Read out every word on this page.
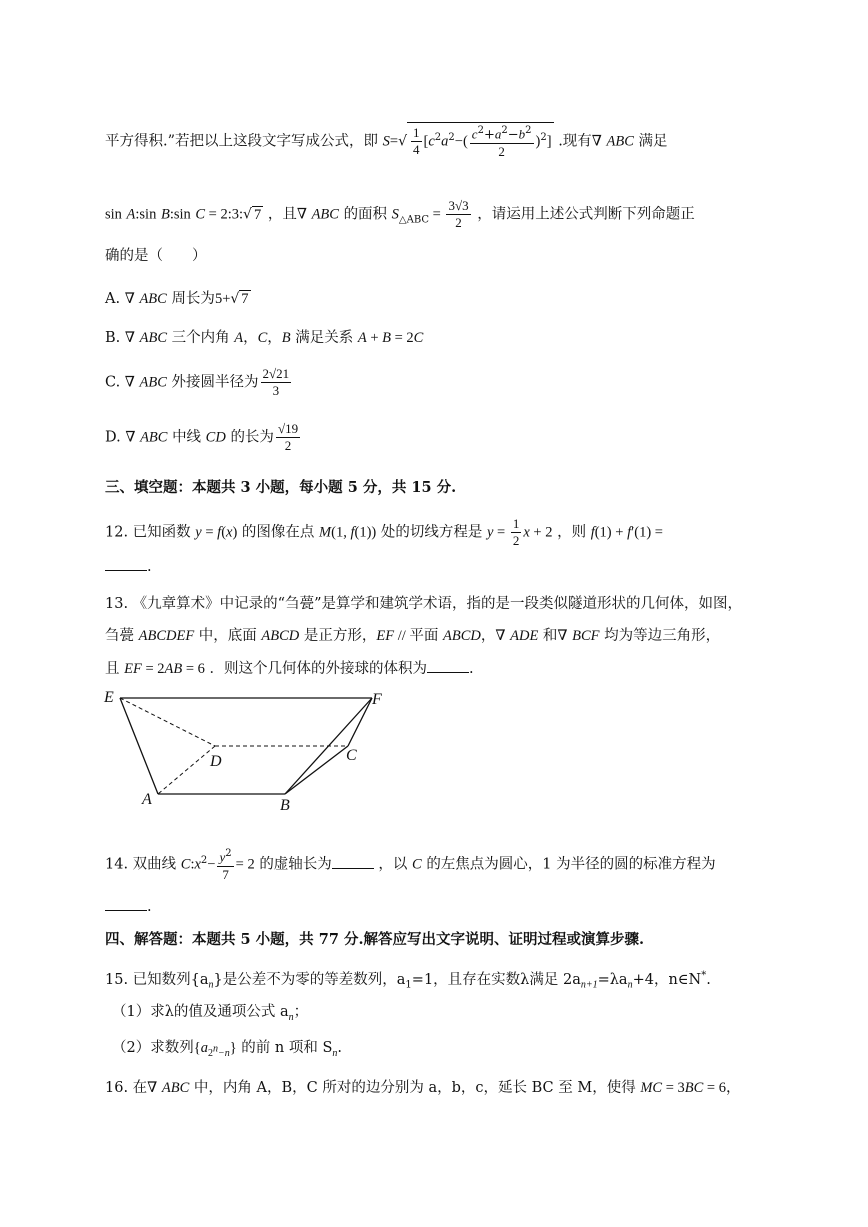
平方得积.”若把以上这段文字写成公式，即 $S=√ \frac{1}{4} [c^2a^2-( \frac{c^2+a^2-b^2}{2} )^2]$ .现有∇ ABC 满足
sin A:sin B:sin C = 2:3:√ 7 ，且∇ ABC 的面积 $S_{\triangle ABC} = \frac{3√3}{2}$ ，请运用上述公式判断下列命题正
确的是（　　）
A. ∇ ABC 周长为5+√ 7
B. ∇ ABC 三个内角 A，C，B 满足关系 A + B = 2C
C. ∇ ABC 外接圆半径为 $\frac{2√21}{3}$
D. ∇ ABC 中线 CD 的长为 $\frac{√19}{2}$
三、填空题：本题共 3 小题，每小题 5 分，共 15 分.
12. 已知函数 y = f(x) 的图像在点 M(1, f(1)) 处的切线方程是 $y = \frac{1}{2}$ x + 2 ，则 f(1) + f′(1) =
.
13. 《九章算术》中记录的“刍甍”是算学和建筑学术语，指的是一段类似隧道形状的几何体，如图，
刍甍 ABCDEF 中，底面 ABCD 是正方形，EF // 平面 ABCD，∇ ADE 和∇ BCF 均为等边三角形，
且 EF = 2AB = 6 ．则这个几何体的外接球的体积为	.
E	F
D	C
A	B
14. 双曲线 $C:x^2- \frac{y^2}{7} = 2$ 的虚轴长为	，以 C 的左焦点为圆心，1 为半径的圆的标准方程为
.
四、解答题：本题共 5 小题，共 77 分.解答应写出文字说明、证明过程或演算步骤.
15. 已知数列$\{a_n\}$是公差不为零的等差数列，$a_1=1$，且存在实数λ满足 $2a_{n+1}=\lambda a_n+4$，n∈N*.
（1）求λ的值及通项公式 $a_n$；
（2）求数列$\{a_{2^n-n}\}$ 的前 n 项和 $S_n$.
16. 在∇ ABC 中，内角 A，B，C 所对的边分别为 a，b，c，延长 BC 至 M，使得 MC = 3BC = 6，
